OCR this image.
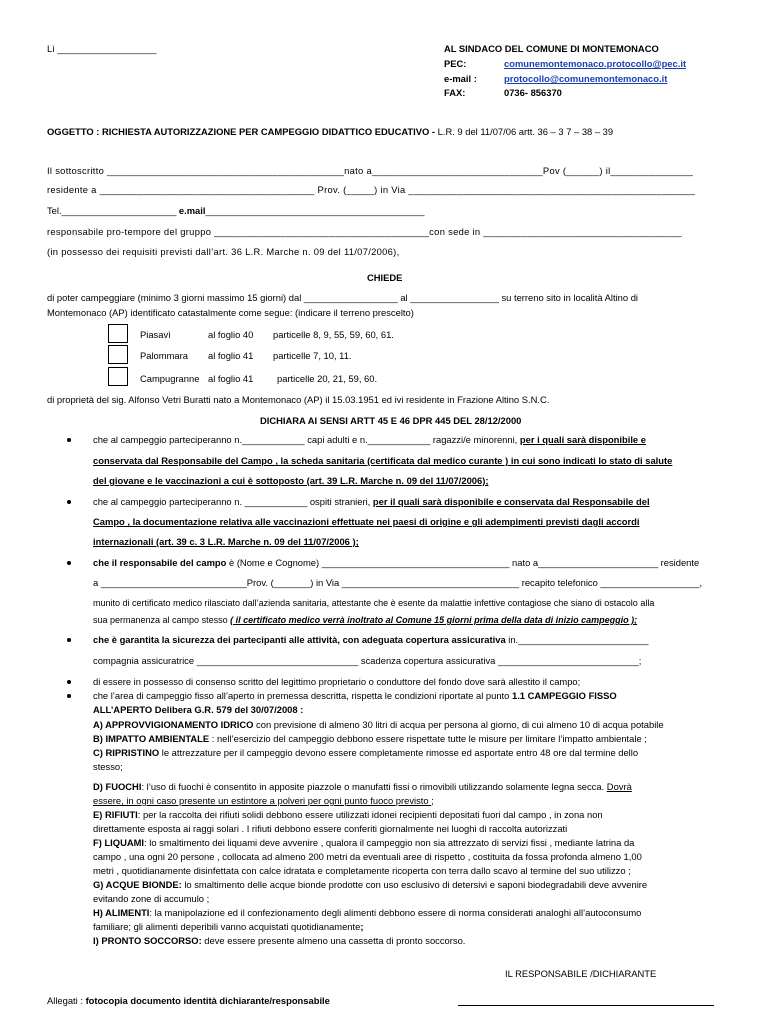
Lì ___________________	AL SINDACO DEL COMUNE DI MONTEMONACO
PEC:	comunemontemonaco.protocollo@pec.it
e-mail :	protocollo@comunemontemonaco.it
FAX:	0736- 856370
OGGETTO : RICHIESTA AUTORIZZAZIONE PER CAMPEGGIO DIDATTICO EDUCATIVO - L.R. 9 del 11/07/06 artt. 36 – 3 7 – 38 – 39
Il sottoscritto ___________________________________________nato a_______________________________Pov (______) il_______________
residente a _______________________________________ Prov. (_____) in Via ____________________________________________________
Tel.______________________ e.mail__________________________________________
responsabile pro-tempore del gruppo _______________________________________con sede in ____________________________________
(in possesso dei requisiti previsti dall’art. 36 L.R. Marche n. 09 del 11/07/2006),
CHIEDE
di poter campeggiare (minimo 3 giorni massimo 15 giorni) dal __________________ al _________________ su terreno sito in località Altino di
Montemonaco (AP) identificato catastalmente come segue: (indicare il terreno prescelto)
Piasavì	al foglio 40 particelle 8, 9, 55, 59, 60, 61.
Palommara al foglio 41 particelle 7, 10, 11.
Campugranne al foglio 41	particelle 20, 21, 59, 60.
di proprietà del sig. Alfonso Vetri Buratti nato a Montemonaco (AP) il 15.03.1951 ed ivi residente in Frazione Altino S.N.C.
DICHIARA AI SENSI ARTT 45 E 46 DPR 445 DEL 28/12/2000
che al campeggio parteciperanno n.____________ capi adulti e n.____________ ragazzi/e minorenni, per i quali sarà disponibile e
conservata dal Responsabile del Campo , la scheda sanitaria (certificata dal medico curante ) in cui sono indicati lo stato di salute
del giovane e le vaccinazioni a cui è sottoposto (art. 39 L.R. Marche n. 09 del 11/07/2006);
che al campeggio parteciperanno n. ____________ ospiti stranieri, per il quali sarà disponibile e conservata dal Responsabile del
Campo , la documentazione relativa alle vaccinazioni effettuate nei paesi di origine e gli adempimenti previsti dagli accordi
internazionali (art. 39 c. 3 L.R. Marche n. 09 del 11/07/2006 );
che il responsabile del campo è (Nome e Cognome) ____________________________________ nato a_______________________ residente
a ____________________________Prov. (_______) in Via __________________________________ recapito telefonico ___________________,
munito di certificato medico rilasciato dall’azienda sanitaria, attestante che è esente da malattie infettive contagiose che siano di ostacolo alla
sua permanenza al campo stesso ( il certificato medico verrà inoltrato al Comune 15 giorni prima della data di inizio campeggio );
che è garantita la sicurezza dei partecipanti alle attività, con adeguata copertura assicurativa in._________________________
compagnia assicuratrice _______________________________ scadenza copertura assicurativa ___________________________;
di essere in possesso di consenso scritto del legittimo proprietario o conduttore del fondo dove sarà allestito il campo;
che l’area di campeggio fisso all’aperto in premessa descritta, rispetta le condizioni riportate al punto 1.1 CAMPEGGIO FISSO
ALL’APERTO Delibera G.R. 579 del 30/07/2008 :
A) APPROVVIGIONAMENTO IDRICO con previsione di almeno 30 litri di acqua per persona al giorno, di cui almeno 10 di acqua potabile
B) IMPATTO AMBIENTALE : nell’esercizio del campeggio debbono essere rispettate tutte le misure per limitare l’impatto ambientale ;
C) RIPRISTINO le attrezzature per il campeggio devono essere completamente rimosse ed asportate entro 48 ore dal termine dello
stesso;
D) FUOCHI: l’uso di fuochi è consentito in apposite piazzole o manufatti fissi o rimovibili utilizzando solamente legna secca. Dovrà
essere, in ogni caso presente un estintore a polveri per ogni punto fuoco previsto ;
E) RIFIUTI: per la raccolta dei rifiuti solidi debbono essere utilizzati idonei recipienti depositati fuori dal campo , in zona non
direttamente esposta ai raggi solari . I rifiuti debbono essere conferiti giornalmente nei luoghi di raccolta autorizzati
F) LIQUAMI: lo smaltimento dei liquami deve avvenire , qualora il campeggio non sia attrezzato di servizi fissi , mediante latrina da
campo , una ogni 20 persone , collocata ad almeno 200 metri da eventuali aree di rispetto , costituita da fossa profonda almeno 1,00
metri , quotidianamente disinfettata con calce idratata e completamente ricoperta con terra dallo scavo al termine del suo utilizzo ;
G) ACQUE BIONDE: lo smaltimento delle acque bionde prodotte con uso esclusivo di detersivi e saponi biodegradabili deve avvenire
evitando zone di accumulo ;
H) ALIMENTI: la manipolazione ed il confezionamento degli alimenti debbono essere di norma considerati analoghi all’autoconsumo
familiare; gli alimenti deperibili vanno acquistati quotidianamente;
I) PRONTO SOCCORSO: deve essere presente almeno una cassetta di pronto soccorso.
IL RESPONSABILE /DICHIARANTE
Allegati : fotocopia documento identità dichiarante/responsabile
